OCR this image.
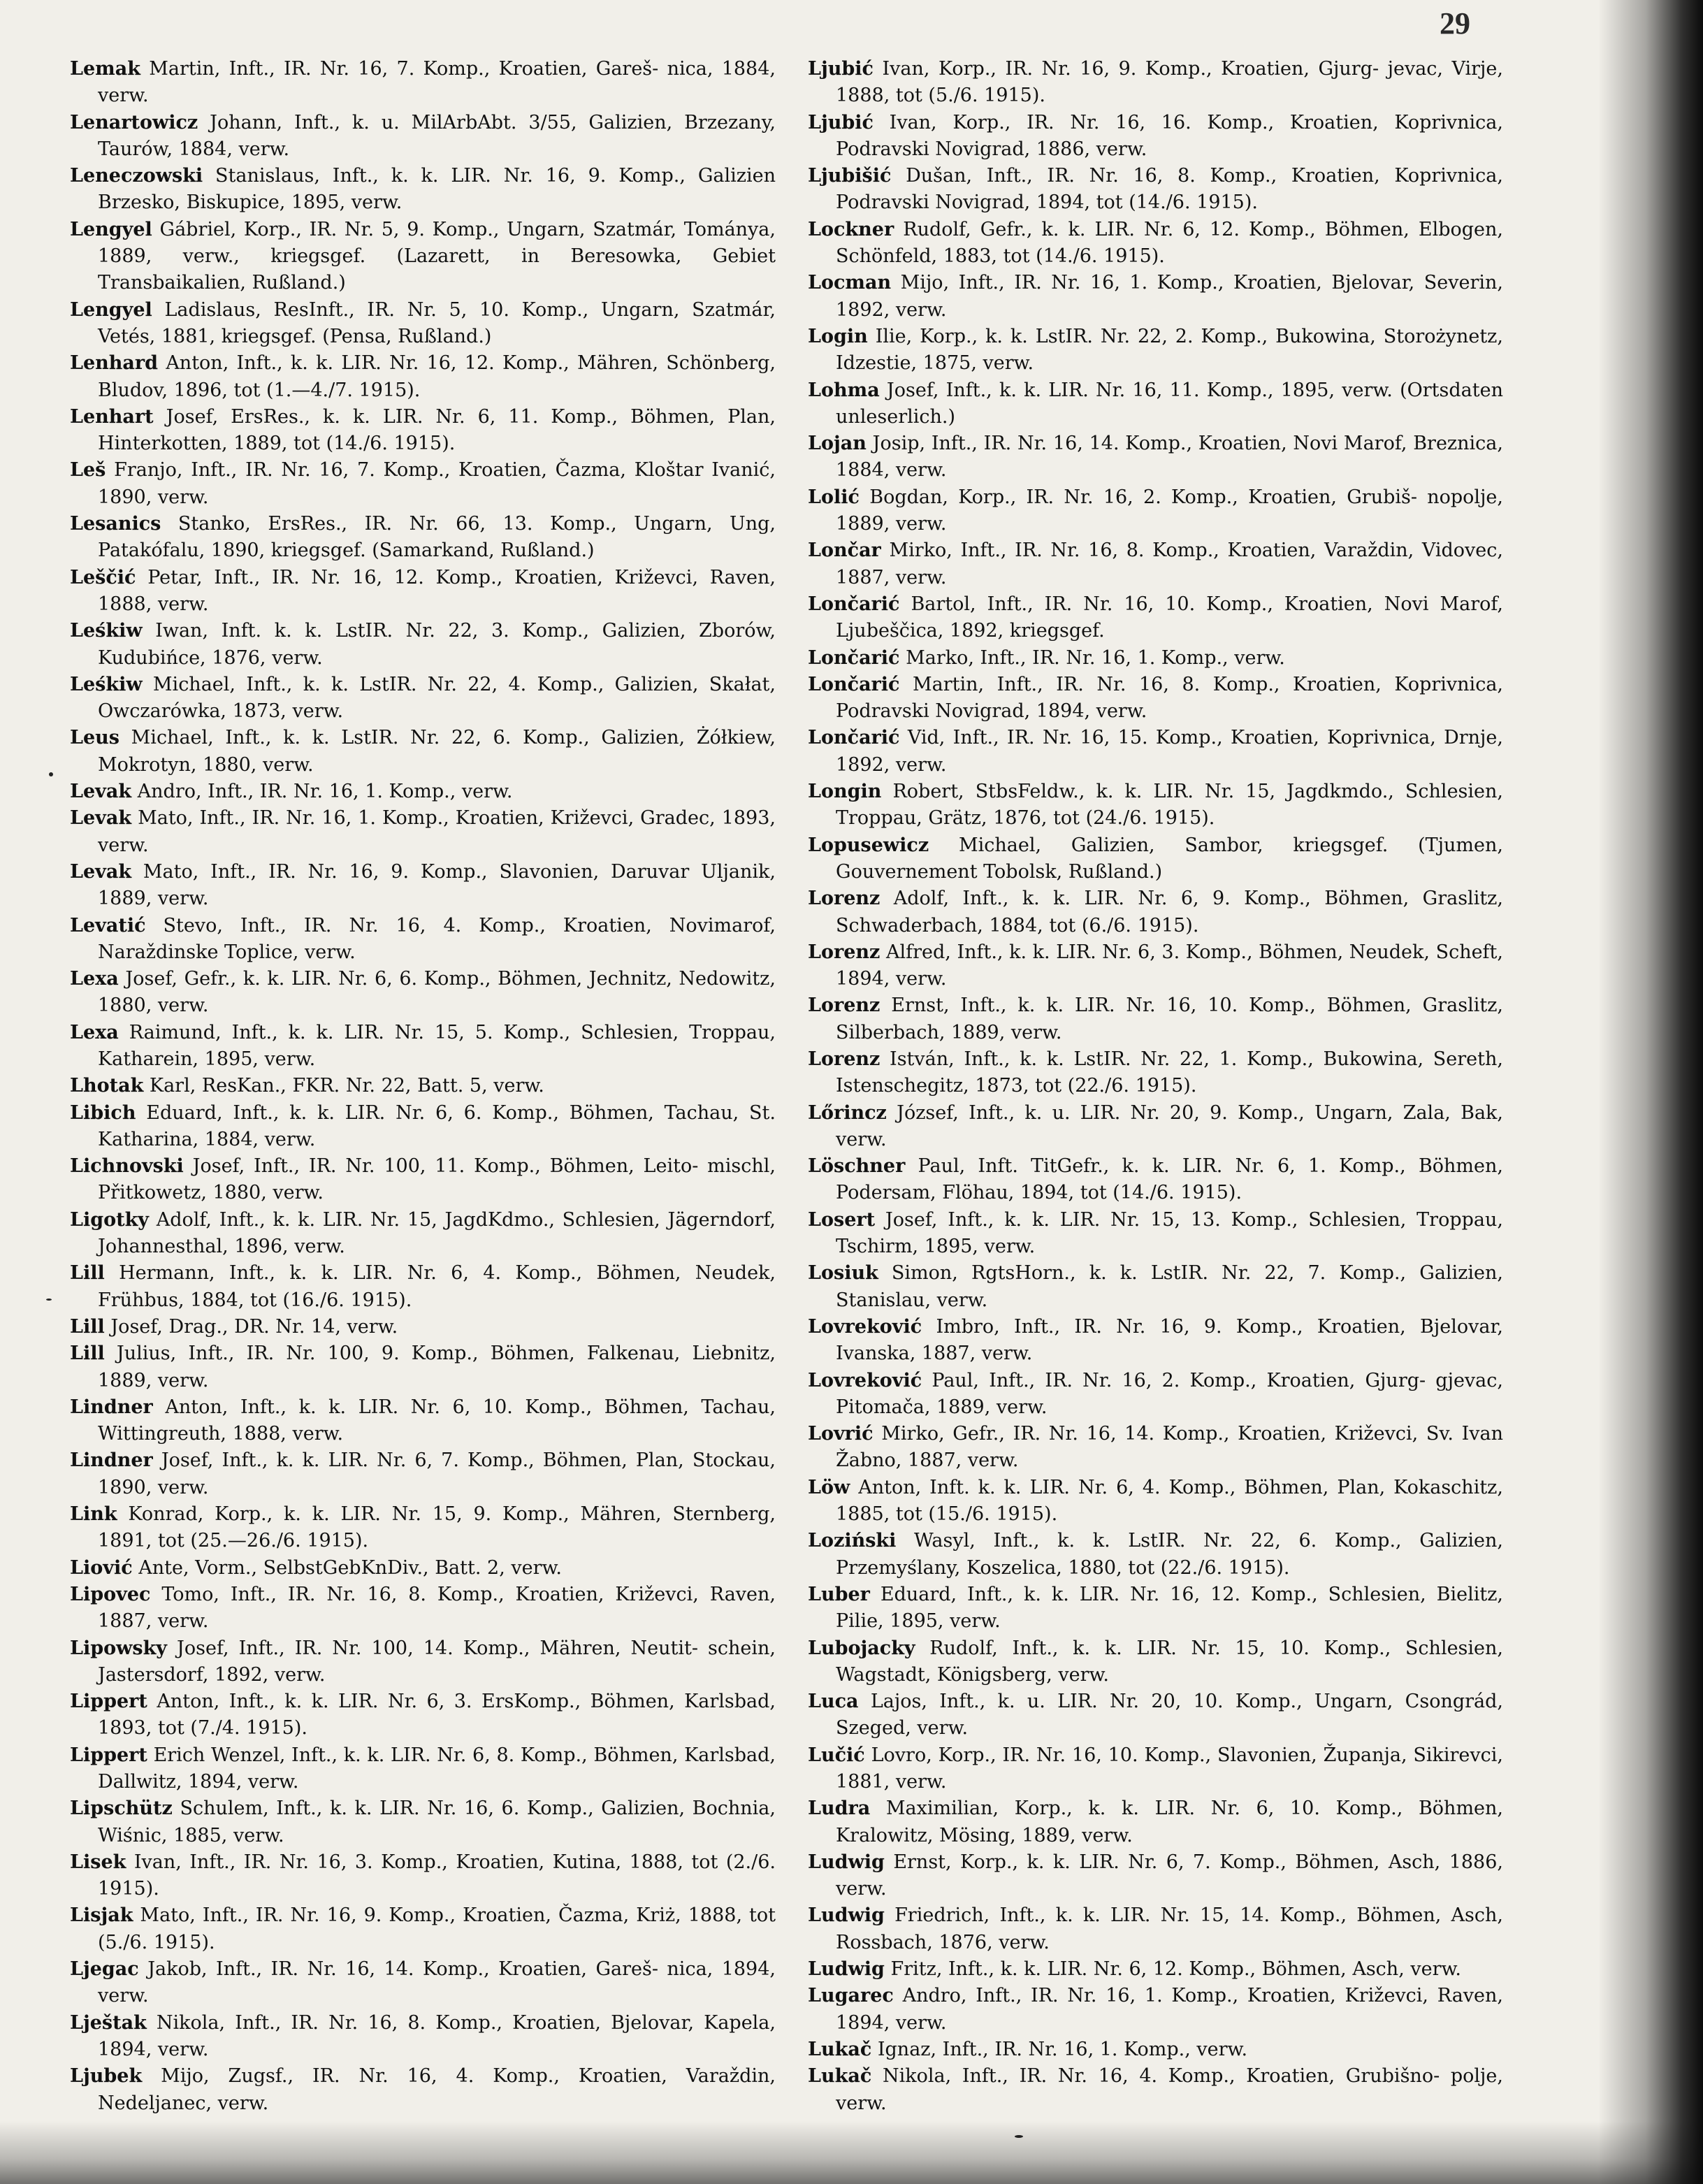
29

Lemak Martin, Inft., IR. Nr. 16, 7. Komp., Kroatien, Gareš- nica, 1884, verw.

Lenartowicz Johann, Inft., k. u. MilArbAbt. 3/55, Galizien, Brzezany, Taurów, 1884, verw.

Leneczowski Stanislaus, Inft., k. k. LIR. Nr. 16, 9. Komp., Galizien Brzesko, Biskupice, 1895, verw.

Lengyel Gábriel, Korp., IR. Nr. 5, 9. Komp., Ungarn, Szatmár, Tománya, 1889, verw., kriegsgef. (Lazarett, in Beresowka, Gebiet Transbaikalien, Rußland.)

Lengyel Ladislaus, ResInft., IR. Nr. 5, 10. Komp., Ungarn, Szatmár, Vetés, 1881, kriegsgef. (Pensa, Rußland.)

Lenhard Anton, Inft., k. k. LIR. Nr. 16, 12. Komp., Mähren, Schönberg, Bludov, 1896, tot (1.—4./7. 1915).

Lenhart Josef, ErsRes., k. k. LIR. Nr. 6, 11. Komp., Böhmen, Plan, Hinterkotten, 1889, tot (14./6. 1915).

Leš Franjo, Inft., IR. Nr. 16, 7. Komp., Kroatien, Čazma, Kloštar Ivanić, 1890, verw.

Lesanics Stanko, ErsRes., IR. Nr. 66, 13. Komp., Ungarn, Ung, Patakófalu, 1890, kriegsgef. (Samarkand, Rußland.)

Leščić Petar, Inft., IR. Nr. 16, 12. Komp., Kroatien, Križevci, Raven, 1888, verw.

Leśkiw Iwan, Inft. k. k. LstIR. Nr. 22, 3. Komp., Galizien, Zborów, Kudubińce, 1876, verw.

Leśkiw Michael, Inft., k. k. LstIR. Nr. 22, 4. Komp., Galizien, Skałat, Owczarówka, 1873, verw.

Leus Michael, Inft., k. k. LstIR. Nr. 22, 6. Komp., Galizien, Żółkiew, Mokrotyn, 1880, verw.

Levak Andro, Inft., IR. Nr. 16, 1. Komp., verw.

Levak Mato, Inft., IR. Nr. 16, 1. Komp., Kroatien, Križevci, Gradec, 1893, verw.

Levak Mato, Inft., IR. Nr. 16, 9. Komp., Slavonien, Daruvar Uljanik, 1889, verw.

Levatić Stevo, Inft., IR. Nr. 16, 4. Komp., Kroatien, Novimarof, Naraždinske Toplice, verw.

Lexa Josef, Gefr., k. k. LIR. Nr. 6, 6. Komp., Böhmen, Jechnitz, Nedowitz, 1880, verw.

Lexa Raimund, Inft., k. k. LIR. Nr. 15, 5. Komp., Schlesien, Troppau, Katharein, 1895, verw.

Lhotak Karl, ResKan., FKR. Nr. 22, Batt. 5, verw.

Libich Eduard, Inft., k. k. LIR. Nr. 6, 6. Komp., Böhmen, Tachau, St. Katharina, 1884, verw.

Lichnovski Josef, Inft., IR. Nr. 100, 11. Komp., Böhmen, Leito- mischl, Přitkowetz, 1880, verw.

Ligotky Adolf, Inft., k. k. LIR. Nr. 15, JagdKdmo., Schlesien, Jägerndorf, Johannesthal, 1896, verw.

Lill Hermann, Inft., k. k. LIR. Nr. 6, 4. Komp., Böhmen, Neudek, Frühbus, 1884, tot (16./6. 1915).

Lill Josef, Drag., DR. Nr. 14, verw.

Lill Julius, Inft., IR. Nr. 100, 9. Komp., Böhmen, Falkenau, Liebnitz, 1889, verw.

Lindner Anton, Inft., k. k. LIR. Nr. 6, 10. Komp., Böhmen, Tachau, Wittingreuth, 1888, verw.

Lindner Josef, Inft., k. k. LIR. Nr. 6, 7. Komp., Böhmen, Plan, Stockau, 1890, verw.

Link Konrad, Korp., k. k. LIR. Nr. 15, 9. Komp., Mähren, Sternberg, 1891, tot (25.—26./6. 1915).

Liović Ante, Vorm., SelbstGebKnDiv., Batt. 2, verw.

Lipovec Tomo, Inft., IR. Nr. 16, 8. Komp., Kroatien, Križevci, Raven, 1887, verw.

Lipowsky Josef, Inft., IR. Nr. 100, 14. Komp., Mähren, Neutit- schein, Jastersdorf, 1892, verw.

Lippert Anton, Inft., k. k. LIR. Nr. 6, 3. ErsKomp., Böhmen, Karlsbad, 1893, tot (7./4. 1915).

Lippert Erich Wenzel, Inft., k. k. LIR. Nr. 6, 8. Komp., Böhmen, Karlsbad, Dallwitz, 1894, verw.

Lipschütz Schulem, Inft., k. k. LIR. Nr. 16, 6. Komp., Galizien, Bochnia, Wiśnic, 1885, verw.

Lisek Ivan, Inft., IR. Nr. 16, 3. Komp., Kroatien, Kutina, 1888, tot (2./6. 1915).

Lisjak Mato, Inft., IR. Nr. 16, 9. Komp., Kroatien, Čazma, Kriż, 1888, tot (5./6. 1915).

Ljegac Jakob, Inft., IR. Nr. 16, 14. Komp., Kroatien, Gareš- nica, 1894, verw.

Lještak Nikola, Inft., IR. Nr. 16, 8. Komp., Kroatien, Bjelovar, Kapela, 1894, verw.

Ljubek Mijo, Zugsf., IR. Nr. 16, 4. Komp., Kroatien, Varaždin, Nedeljanec, verw.

Ljubić Ivan, Korp., IR. Nr. 16, 9. Komp., Kroatien, Gjurg- jevac, Virje, 1888, tot (5./6. 1915).

Ljubić Ivan, Korp., IR. Nr. 16, 16. Komp., Kroatien, Koprivnica, Podravski Novigrad, 1886, verw.

Ljubišić Dušan, Inft., IR. Nr. 16, 8. Komp., Kroatien, Koprivnica, Podravski Novigrad, 1894, tot (14./6. 1915).

Lockner Rudolf, Gefr., k. k. LIR. Nr. 6, 12. Komp., Böhmen, Elbogen, Schönfeld, 1883, tot (14./6. 1915).

Locman Mijo, Inft., IR. Nr. 16, 1. Komp., Kroatien, Bjelovar, Severin, 1892, verw.

Login Ilie, Korp., k. k. LstIR. Nr. 22, 2. Komp., Bukowina, Storożynetz, Idzestie, 1875, verw.

Lohma Josef, Inft., k. k. LIR. Nr. 16, 11. Komp., 1895, verw. (Ortsdaten unleserlich.)

Lojan Josip, Inft., IR. Nr. 16, 14. Komp., Kroatien, Novi Marof, Breznica, 1884, verw.

Lolić Bogdan, Korp., IR. Nr. 16, 2. Komp., Kroatien, Grubiš- nopolje, 1889, verw.

Lončar Mirko, Inft., IR. Nr. 16, 8. Komp., Kroatien, Varaždin, Vidovec, 1887, verw.

Lončarić Bartol, Inft., IR. Nr. 16, 10. Komp., Kroatien, Novi Marof, Ljubeščica, 1892, kriegsgef.

Lončarić Marko, Inft., IR. Nr. 16, 1. Komp., verw.

Lončarić Martin, Inft., IR. Nr. 16, 8. Komp., Kroatien, Koprivnica, Podravski Novigrad, 1894, verw.

Lončarić Vid, Inft., IR. Nr. 16, 15. Komp., Kroatien, Koprivnica, Drnje, 1892, verw.

Longin Robert, StbsFeldw., k. k. LIR. Nr. 15, Jagdkmdo., Schlesien, Troppau, Grätz, 1876, tot (24./6. 1915).

Lopusewicz Michael, Galizien, Sambor, kriegsgef. (Tjumen, Gouvernement Tobolsk, Rußland.)

Lorenz Adolf, Inft., k. k. LIR. Nr. 6, 9. Komp., Böhmen, Graslitz, Schwaderbach, 1884, tot (6./6. 1915).

Lorenz Alfred, Inft., k. k. LIR. Nr. 6, 3. Komp., Böhmen, Neudek, Scheft, 1894, verw.

Lorenz Ernst, Inft., k. k. LIR. Nr. 16, 10. Komp., Böhmen, Graslitz, Silberbach, 1889, verw.

Lorenz István, Inft., k. k. LstIR. Nr. 22, 1. Komp., Bukowina, Sereth, Istenschegitz, 1873, tot (22./6. 1915).

Lőrincz József, Inft., k. u. LIR. Nr. 20, 9. Komp., Ungarn, Zala, Bak, verw.

Löschner Paul, Inft. TitGefr., k. k. LIR. Nr. 6, 1. Komp., Böhmen, Podersam, Flöhau, 1894, tot (14./6. 1915).

Losert Josef, Inft., k. k. LIR. Nr. 15, 13. Komp., Schlesien, Troppau, Tschirm, 1895, verw.

Losiuk Simon, RgtsHorn., k. k. LstIR. Nr. 22, 7. Komp., Galizien, Stanislau, verw.

Lovreković Imbro, Inft., IR. Nr. 16, 9. Komp., Kroatien, Bjelovar, Ivanska, 1887, verw.

Lovreković Paul, Inft., IR. Nr. 16, 2. Komp., Kroatien, Gjurg- gjevac, Pitomača, 1889, verw.

Lovrić Mirko, Gefr., IR. Nr. 16, 14. Komp., Kroatien, Križevci, Sv. Ivan Žabno, 1887, verw.

Löw Anton, Inft. k. k. LIR. Nr. 6, 4. Komp., Böhmen, Plan, Kokaschitz, 1885, tot (15./6. 1915).

Loziński Wasyl, Inft., k. k. LstIR. Nr. 22, 6. Komp., Galizien, Przemyślany, Koszelica, 1880, tot (22./6. 1915).

Luber Eduard, Inft., k. k. LIR. Nr. 16, 12. Komp., Schlesien, Bielitz, Pilie, 1895, verw.

Lubojacky Rudolf, Inft., k. k. LIR. Nr. 15, 10. Komp., Schlesien, Wagstadt, Königsberg, verw.

Luca Lajos, Inft., k. u. LIR. Nr. 20, 10. Komp., Ungarn, Csongrád, Szeged, verw.

Lučić Lovro, Korp., IR. Nr. 16, 10. Komp., Slavonien, Županja, Sikirevci, 1881, verw.

Ludra Maximilian, Korp., k. k. LIR. Nr. 6, 10. Komp., Böhmen, Kralowitz, Mösing, 1889, verw.

Ludwig Ernst, Korp., k. k. LIR. Nr. 6, 7. Komp., Böhmen, Asch, 1886, verw.

Ludwig Friedrich, Inft., k. k. LIR. Nr. 15, 14. Komp., Böhmen, Asch, Rossbach, 1876, verw.

Ludwig Fritz, Inft., k. k. LIR. Nr. 6, 12. Komp., Böhmen, Asch, verw.

Lugarec Andro, Inft., IR. Nr. 16, 1. Komp., Kroatien, Križevci, Raven, 1894, verw.

Lukač Ignaz, Inft., IR. Nr. 16, 1. Komp., verw.

Lukač Nikola, Inft., IR. Nr. 16, 4. Komp., Kroatien, Grubišno- polje, verw.
